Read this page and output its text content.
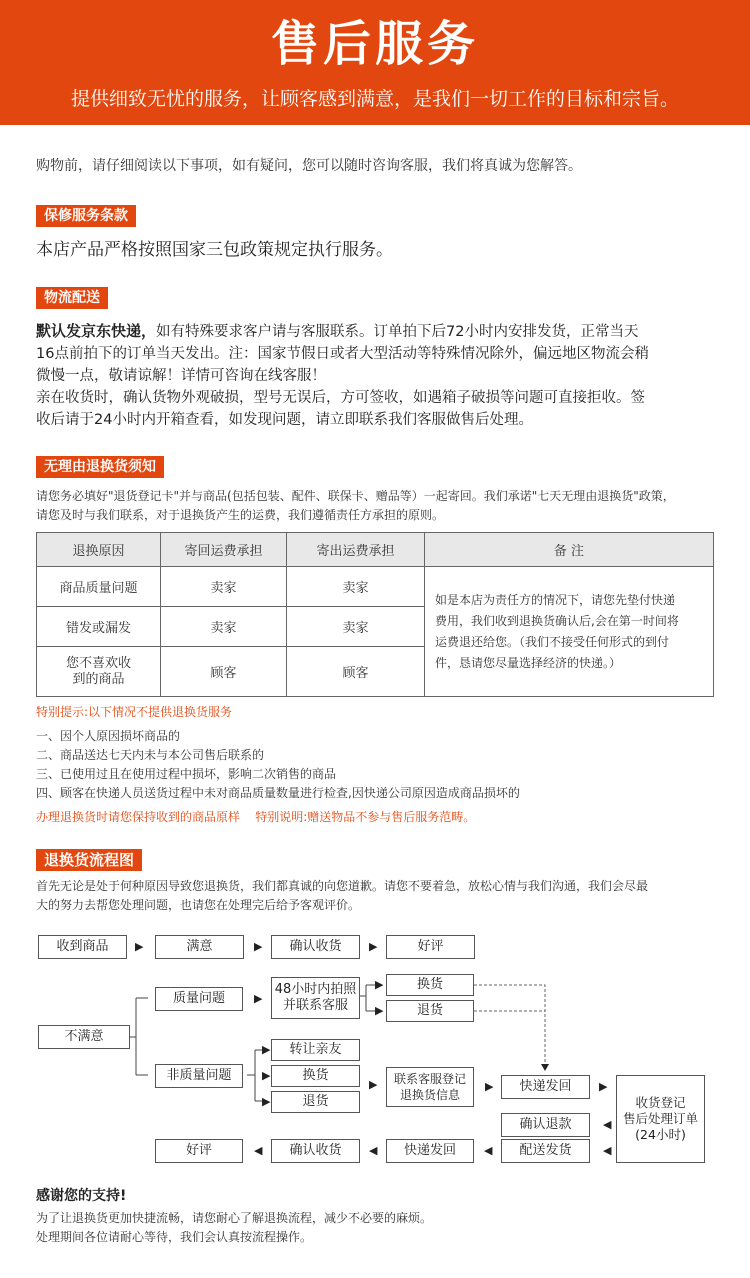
售后服务
提供细致无忧的服务，让顾客感到满意，是我们一切工作的目标和宗旨。
购物前，请仔细阅读以下事项，如有疑问，您可以随时咨询客服，我们将真诚为您解答。
保修服务条款
本店产品严格按照国家三包政策规定执行服务。
物流配送
默认发京东快递，如有特殊要求客户请与客服联系。订单拍下后72小时内安排发货，正常当天
16点前拍下的订单当天发出。注：国家节假日或者大型活动等特殊情况除外，偏远地区物流会稍
微慢一点，敬请谅解！详情可咨询在线客服！
亲在收货时，确认货物外观破损，型号无误后，方可签收，如遇箱子破损等问题可直接拒收。签
收后请于24小时内开箱查看，如发现问题，请立即联系我们客服做售后处理。
无理由退换货须知
请您务必填好"退货登记卡"并与商品(包括包装、配件、联保卡、赠品等）一起寄回。我们承诺"七天无理由退换货"政策，
请您及时与我们联系，对于退换货产生的运费，我们遵循责任方承担的原则。
退换原因	寄回运费承担	寄出运费承担	备 注
商品质量问题	卖家	卖家	如是本店为责任方的情况下，请您先垫付快递
费用，我们收到退换货确认后,会在第一时间将
运费退还给您。（我们不接受任何形式的到付
件，恳请您尽量选择经济的快递。）

错发或漏发	卖家	卖家	
您不喜欢收
到的商品	顾客	顾客	
特别提示:以下情况不提供退换货服务
一、因个人原因损坏商品的
二、商品送达七天内未与本公司售后联系的
三、已使用过且在使用过程中损坏，影响二次销售的商品
四、顾客在快递人员送货过程中未对商品质量数量进行检查,因快递公司原因造成商品损坏的
办理退换货时请您保持收到的商品原样    特别说明:赠送物品不参与售后服务范畴。
退换货流程图
首先无论是处于何种原因导致您退换货，我们都真诚的向您道歉。请您不要着急，放松心情与我们沟通，我们会尽最
大的努力去帮您处理问题，也请您在处理完后给予客观评价。
收到商品	▶	满意	▶	确认收货	▶	好评
不满意
质量问题	▶
48小时内拍照
并联系客服
▶	换货
▶	退货
非质量问题
▶	转让亲友
▶	换货
▶	退货
▶ 联系客服登记
退换货信息
▶	快递发回	▶
收货登记
售后处理订单
(24小时)
◀
确认退款
◀
配送发货
◀
快递发回
◀
确认收货
◀
好评
感谢您的支持!
为了让退换货更加快捷流畅，请您耐心了解退换流程，减少不必要的麻烦。
处理期间各位请耐心等待，我们会认真按流程操作。
